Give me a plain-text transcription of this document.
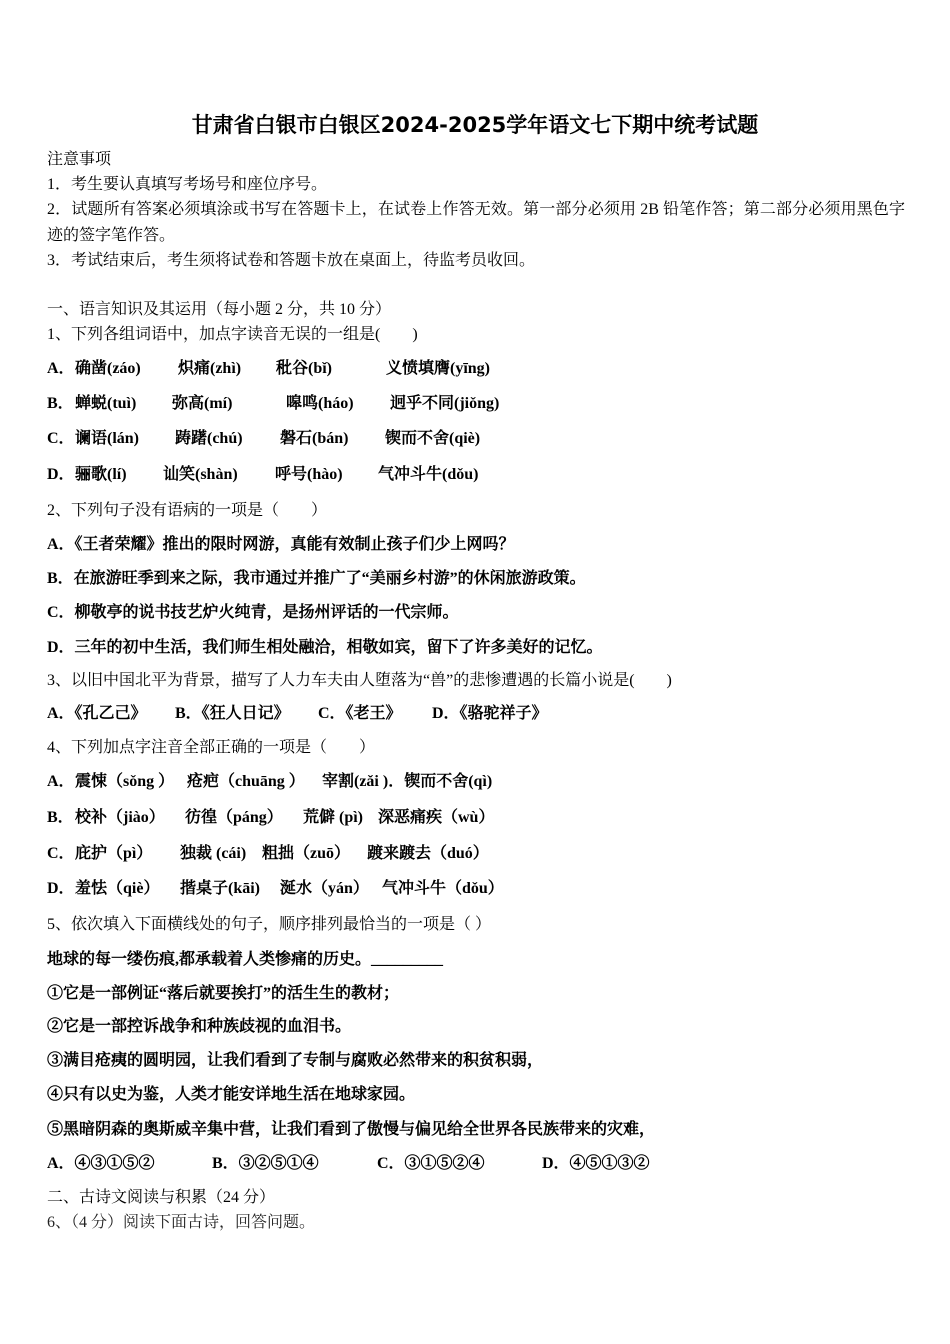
甘肃省白银市白银区2024-2025学年语文七下期中统考试题
注意事项
1．考生要认真填写考场号和座位序号。
2．试题所有答案必须填涂或书写在答题卡上，在试卷上作答无效。第一部分必须用 2B 铅笔作答；第二部分必须用黑色字迹的签字笔作答。
3．考试结束后，考生须将试卷和答题卡放在桌面上，待监考员收回。
一、语言知识及其运用（每小题 2 分，共 10 分）
1、下列各组词语中，加点字读音无误的一组是(　　)
A． 确凿(záo) 炽痛(zhì) 秕谷(bǐ)	义愤填膺(yīng)
B． 蝉蜕(tuì) 弥高(mí)	嗥鸣(háo) 迥乎不同(jiǒng)
C． 谰语(lán) 踌躇(chú) 磐石(bán) 锲而不舍(qiè)
D． 骊歌(lí) 讪笑(shàn) 呼号(hào) 气冲斗牛(dǒu)
2、下列句子没有语病的一项是（　　）
A．《王者荣耀》推出的限时网游，真能有效制止孩子们少上网吗？
B．在旅游旺季到来之际，我市通过并推广了“美丽乡村游”的休闲旅游政策。
C．柳敬亭的说书技艺炉火纯青，是扬州评话的一代宗师。
D．三年的初中生活，我们师生相处融洽，相敬如宾，留下了许多美好的记忆。
3、以旧中国北平为背景，描写了人力车夫由人堕落为“兽”的悲惨遭遇的长篇小说是(　　)
A．《孔乙己》 B．《狂人日记》 C．《老王》 D．《骆驼祥子》
4、下列加点字注音全部正确的一项是（　　）
A． 震悚（sǒng ） 疮疤（chuāng ） 宰割(zǎi )．锲而不舍(qì)
B． 校补（jiào） 彷徨（páng） 荒僻 (pì) 深恶痛疾（wù）
C． 庇护（pì） 独裁 (cái) 粗拙（zuō） 踱来踱去（duó）
D． 羞怯（qiè） 揩桌子(kāi) 涎水（yán） 气冲斗牛（dǒu）
5、依次填入下面横线处的句子，顺序排列最恰当的一项是（ ）
地球的每一缕伤痕,都承载着人类惨痛的历史。_________
①它是一部例证“落后就要挨打”的活生生的教材；
②它是一部控诉战争和种族歧视的血泪书。
③满目疮痍的圆明园，让我们看到了专制与腐败必然带来的积贫积弱，
④只有以史为鉴，人类才能安详地生活在地球家园。
⑤黑暗阴森的奥斯威辛集中营，让我们看到了傲慢与偏见给全世界各民族带来的灾难，
A．④③①⑤②	B．③②⑤①④	C．③①⑤②④	D．④⑤①③②
二、古诗文阅读与积累（24 分）
6、（4 分）阅读下面古诗，回答问题。
